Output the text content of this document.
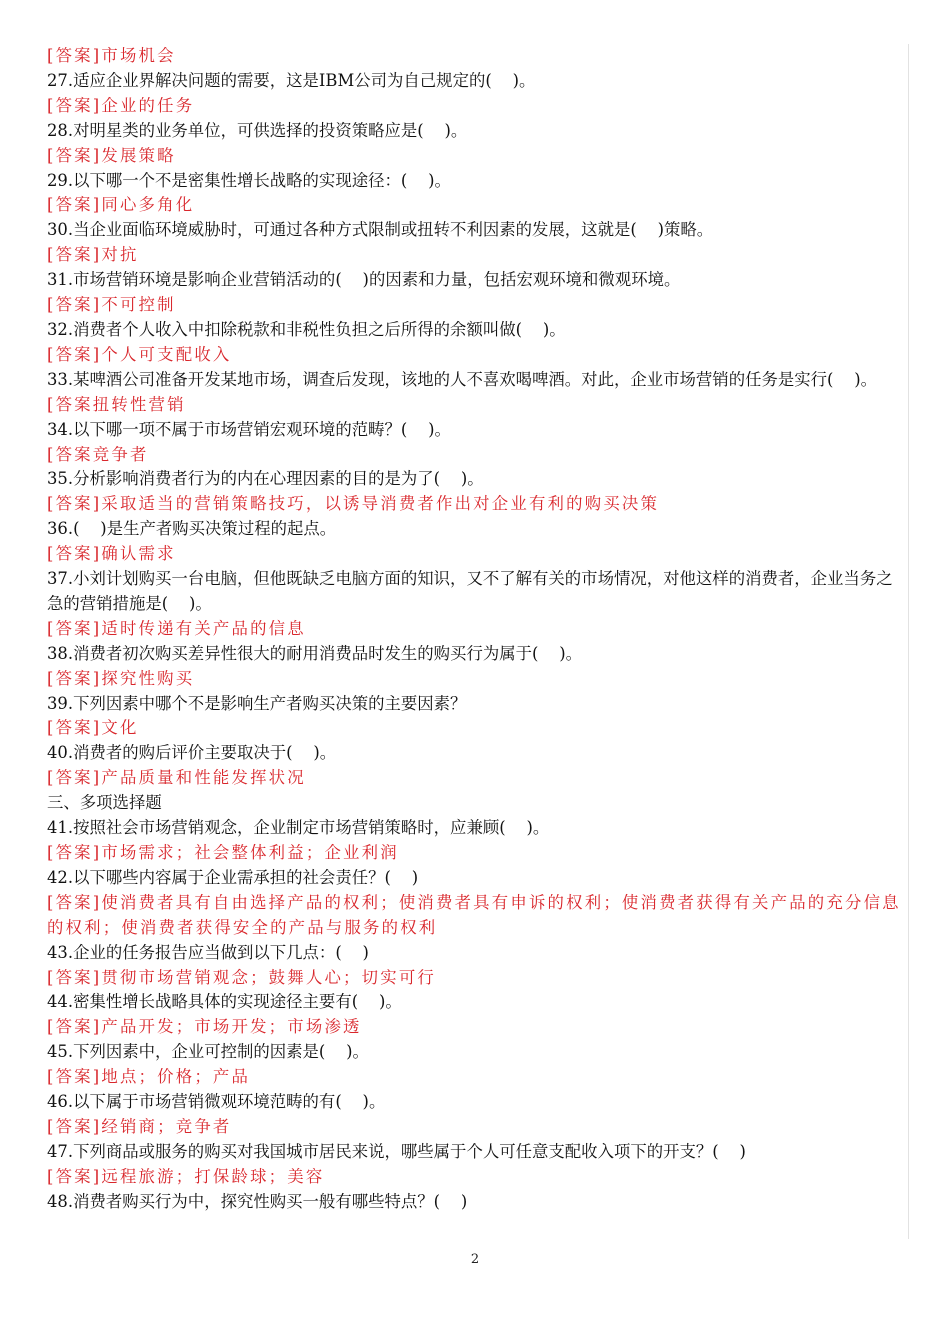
[答案]市场机会
27.适应企业界解决问题的需要，这是IBM公司为自己规定的(    )。
[答案]企业的任务
28.对明星类的业务单位，可供选择的投资策略应是(    )。
[答案]发展策略
29.以下哪一个不是密集性增长战略的实现途径：(    )。
[答案]同心多角化
30.当企业面临环境威胁时，可通过各种方式限制或扭转不利因素的发展，这就是(    )策略。
[答案]对抗
31.市场营销环境是影响企业营销活动的(    )的因素和力量，包括宏观环境和微观环境。
[答案]不可控制
32.消费者个人收入中扣除税款和非税性负担之后所得的余额叫做(    )。
[答案]个人可支配收入
33.某啤酒公司准备开发某地市场，调查后发现，该地的人不喜欢喝啤酒。对此，企业市场营销的任务是实行(    )。
[答案扭转性营销
34.以下哪一项不属于市场营销宏观环境的范畴？(    )。
[答案竞争者
35.分析影响消费者行为的内在心理因素的目的是为了(    )。
[答案]采取适当的营销策略技巧，以诱导消费者作出对企业有利的购买决策
36.(    )是生产者购买决策过程的起点。
[答案]确认需求
37.小刘计划购买一台电脑，但他既缺乏电脑方面的知识，又不了解有关的市场情况，对他这样的消费者，企业当务之急的营销措施是(    )。
[答案]适时传递有关产品的信息
38.消费者初次购买差异性很大的耐用消费品时发生的购买行为属于(    )。
[答案]探究性购买
39.下列因素中哪个不是影响生产者购买决策的主要因素？
[答案]文化
40.消费者的购后评价主要取决于(    )。
[答案]产品质量和性能发挥状况
三、多项选择题
41.按照社会市场营销观念，企业制定市场营销策略时，应兼顾(    )。
[答案]市场需求；社会整体利益；企业利润
42.以下哪些内容属于企业需承担的社会责任？(    )
[答案]使消费者具有自由选择产品的权利；使消费者具有申诉的权利；使消费者获得有关产品的充分信息的权利；使消费者获得安全的产品与服务的权利
43.企业的任务报告应当做到以下几点：(    )
[答案]贯彻市场营销观念；鼓舞人心；切实可行
44.密集性增长战略具体的实现途径主要有(    )。
[答案]产品开发；市场开发；市场渗透
45.下列因素中，企业可控制的因素是(    )。
[答案]地点；价格；产品
46.以下属于市场营销微观环境范畴的有(    )。
[答案]经销商；竞争者
47.下列商品或服务的购买对我国城市居民来说，哪些属于个人可任意支配收入项下的开支？(    )
[答案]远程旅游；打保龄球；美容
48.消费者购买行为中，探究性购买一般有哪些特点？(    )
2
